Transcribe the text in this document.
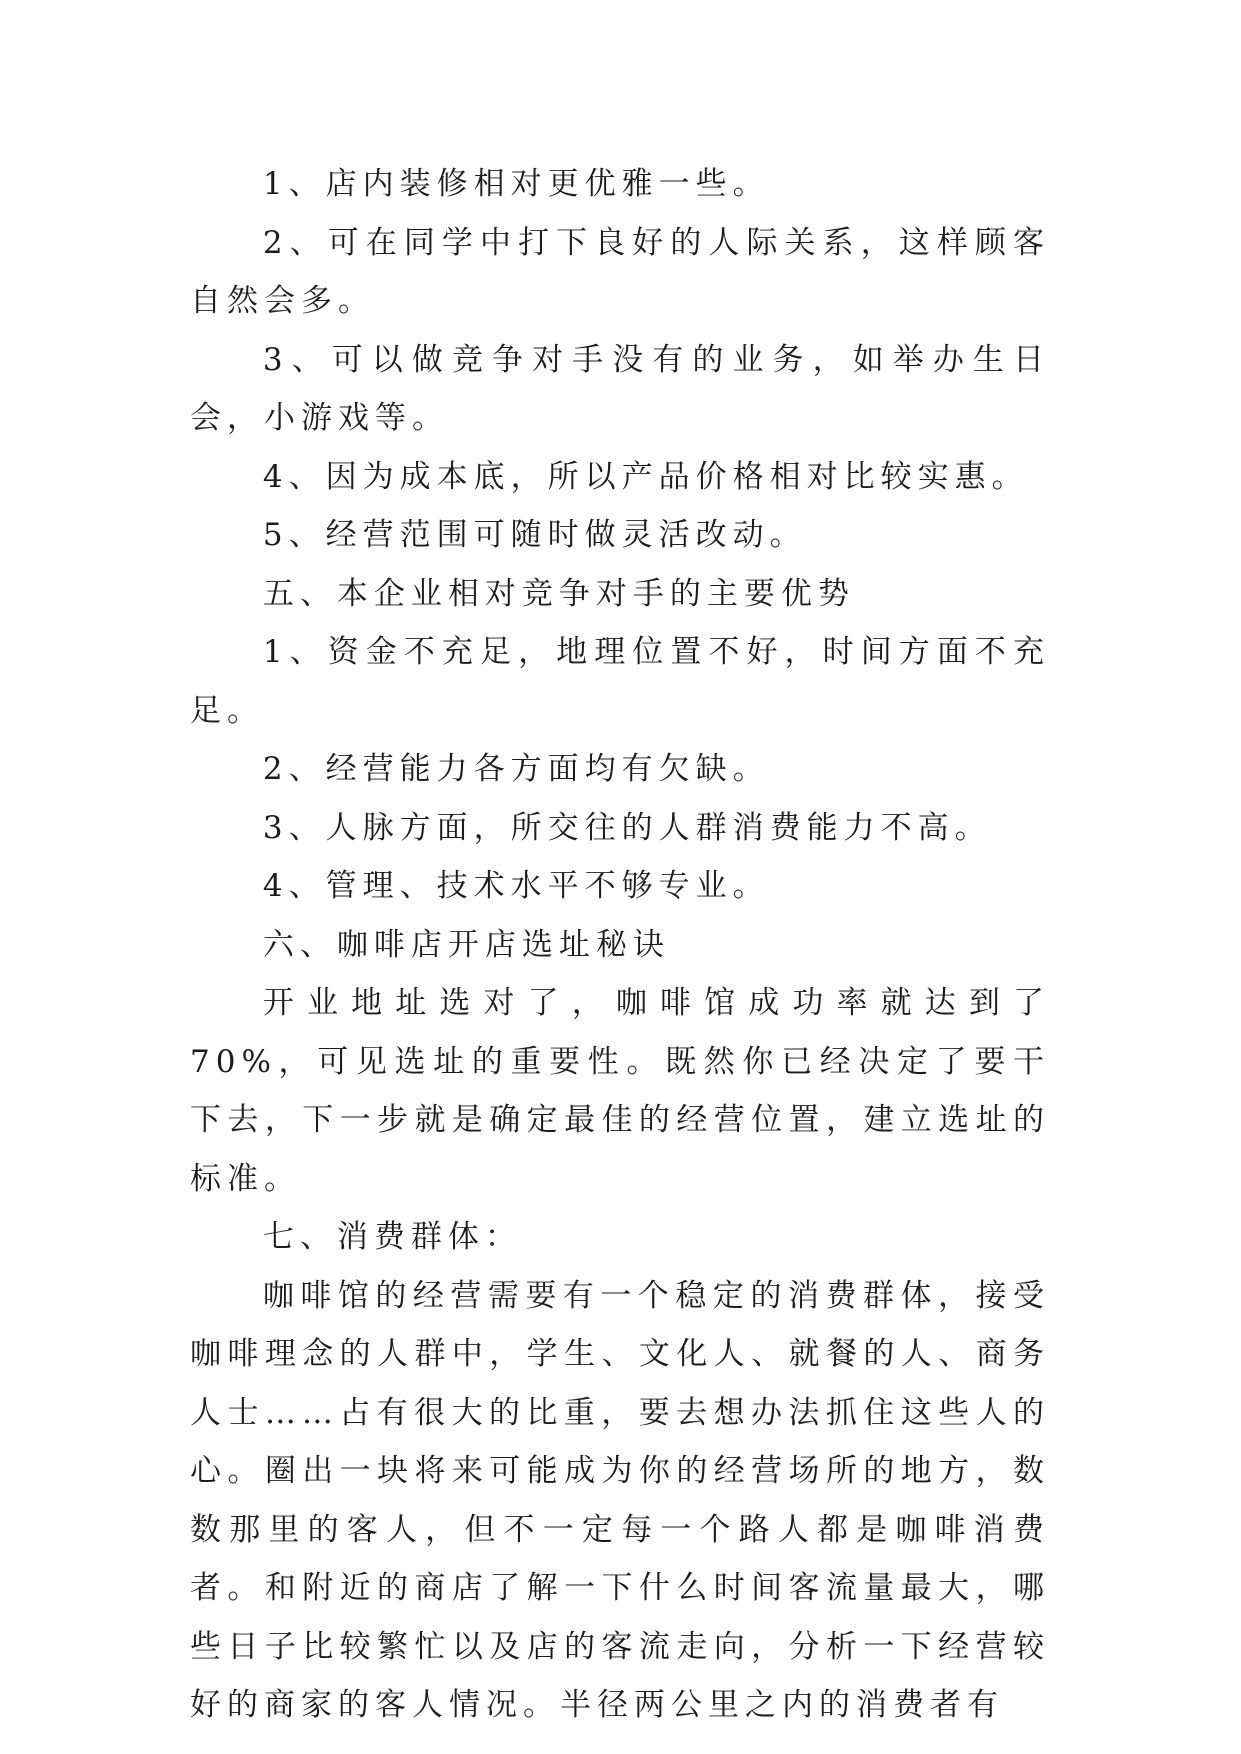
1、店内装修相对更优雅一些。

2、可在同学中打下良好的人际关系，这样顾客自然会多。

3、可以做竞争对手没有的业务，如举办生日会，小游戏等。

4、因为成本底，所以产品价格相对比较实惠。

5、经营范围可随时做灵活改动。

五、本企业相对竞争对手的主要优势

1、资金不充足，地理位置不好，时间方面不充足。

2、经营能力各方面均有欠缺。

3、人脉方面，所交往的人群消费能力不高。

4、管理、技术水平不够专业。

六、咖啡店开店选址秘诀

开业地址选对了，咖啡馆成功率就达到了70%，可见选址的重要性。既然你已经决定了要干下去，下一步就是确定最佳的经营位置，建立选址的标准。

七、消费群体：

咖啡馆的经营需要有一个稳定的消费群体，接受咖啡理念的人群中，学生、文化人、就餐的人、商务人士……占有很大的比重，要去想办法抓住这些人的心。圈出一块将来可能成为你的经营场所的地方，数数那里的客人，但不一定每一个路人都是咖啡消费者。和附近的商店了解一下什么时间客流量最大，哪些日子比较繁忙以及店的客流走向，分析一下经营较好的商家的客人情况。半径两公里之内的消费者有
